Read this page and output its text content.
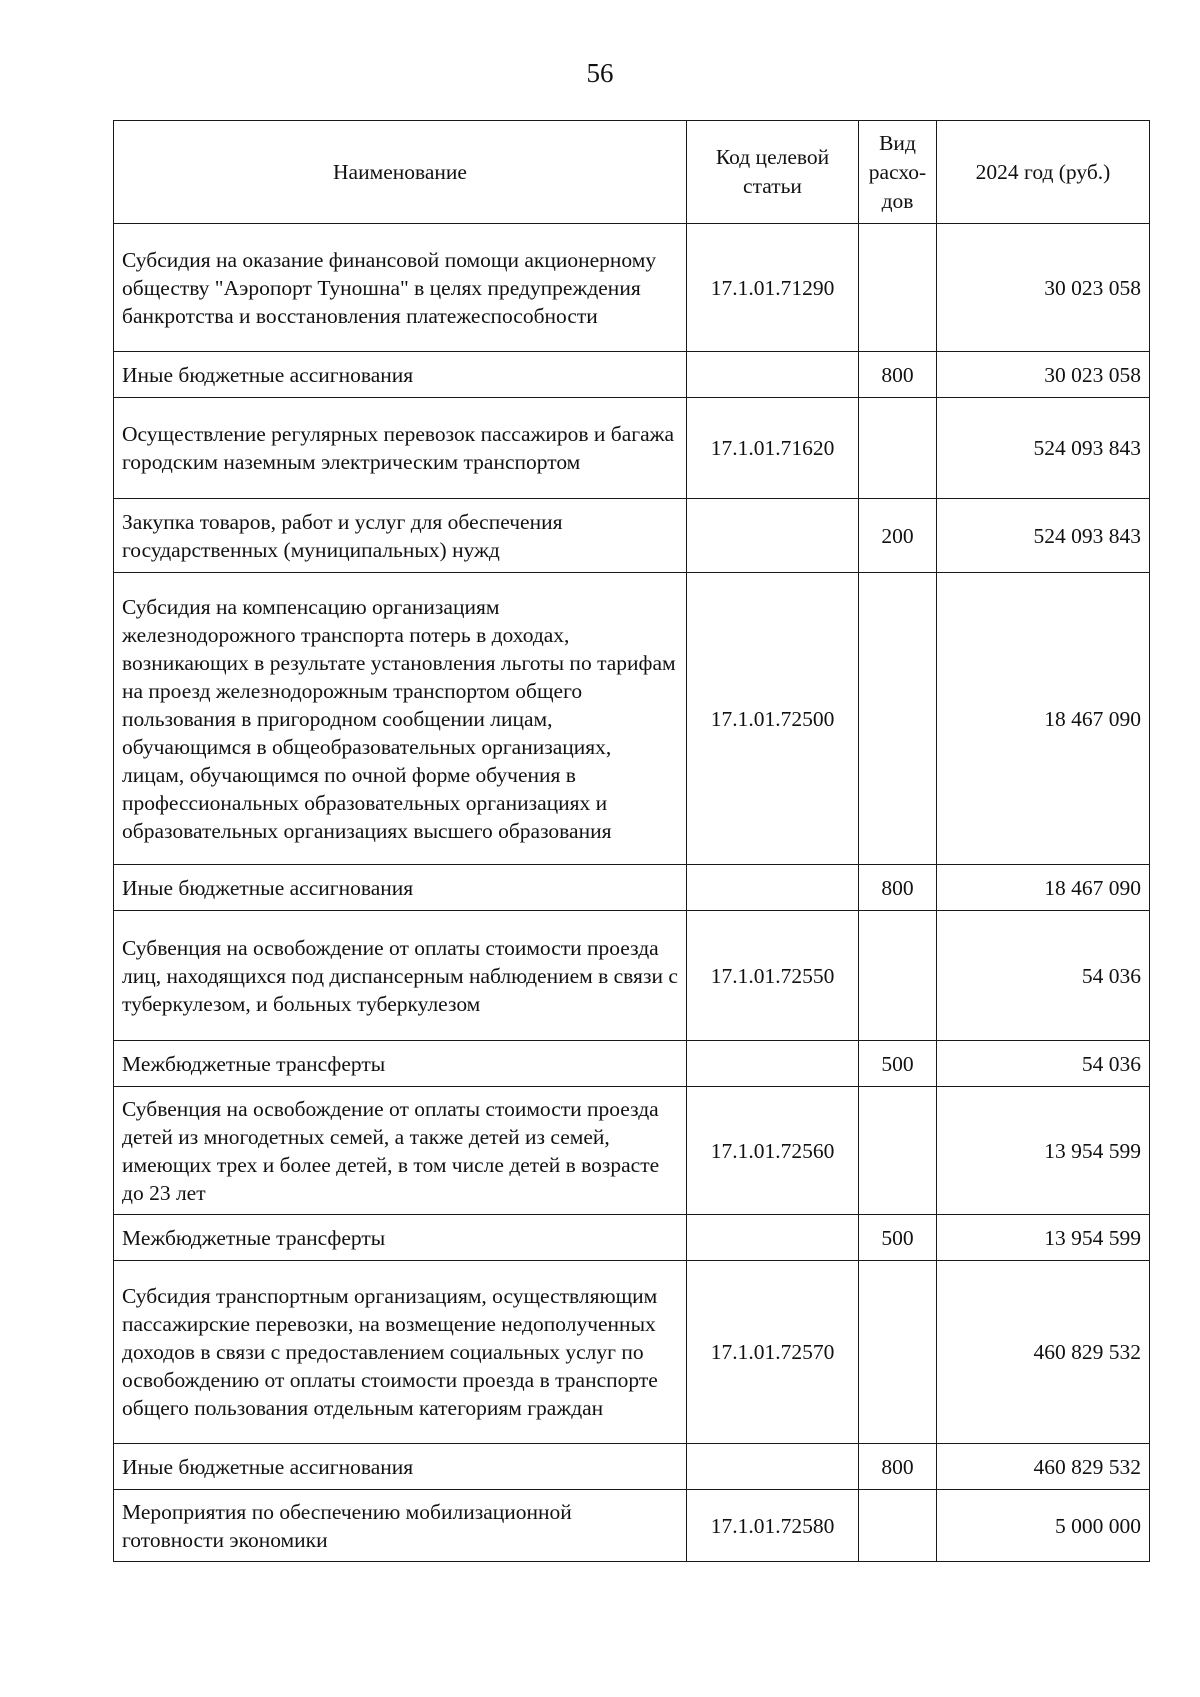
56
Наименование	Код целевой статьи	Вид расхо-дов	2024 год (руб.)
Субсидия на оказание финансовой помощи акционерному обществу "Аэропорт Туношна" в целях предупреждения банкротства и восстановления платежеспособности	17.1.01.71290		30 023 058
Иные бюджетные ассигнования		800	30 023 058
Осуществление регулярных перевозок пассажиров и багажа городским наземным электрическим транспортом	17.1.01.71620		524 093 843
Закупка товаров, работ и услуг для обеспечения государственных (муниципальных) нужд		200	524 093 843
Субсидия на компенсацию организациям железнодорожного транспорта потерь в доходах, возникающих в результате установления льготы по тарифам на проезд железнодорожным транспортом общего пользования в пригородном сообщении лицам, обучающимся в общеобразовательных организациях, лицам, обучающимся по очной форме обучения в профессиональных образовательных организациях и образовательных организациях высшего образования	17.1.01.72500		18 467 090
Иные бюджетные ассигнования		800	18 467 090
Субвенция на освобождение от оплаты стоимости проезда лиц, находящихся под диспансерным наблюдением в связи с туберкулезом, и больных туберкулезом	17.1.01.72550		54 036
Межбюджетные трансферты		500	54 036
Субвенция на освобождение от оплаты стоимости проезда детей из многодетных семей, а также детей из семей, имеющих трех и более детей, в том числе детей в возрасте до 23 лет	17.1.01.72560		13 954 599
Межбюджетные трансферты		500	13 954 599
Субсидия транспортным организациям, осуществляющим пассажирские перевозки, на возмещение недополученных доходов в связи с предоставлением социальных услуг по освобождению от оплаты стоимости проезда в транспорте общего пользования отдельным категориям граждан	17.1.01.72570		460 829 532
Иные бюджетные ассигнования		800	460 829 532
Мероприятия по обеспечению мобилизационной готовности экономики	17.1.01.72580		5 000 000
